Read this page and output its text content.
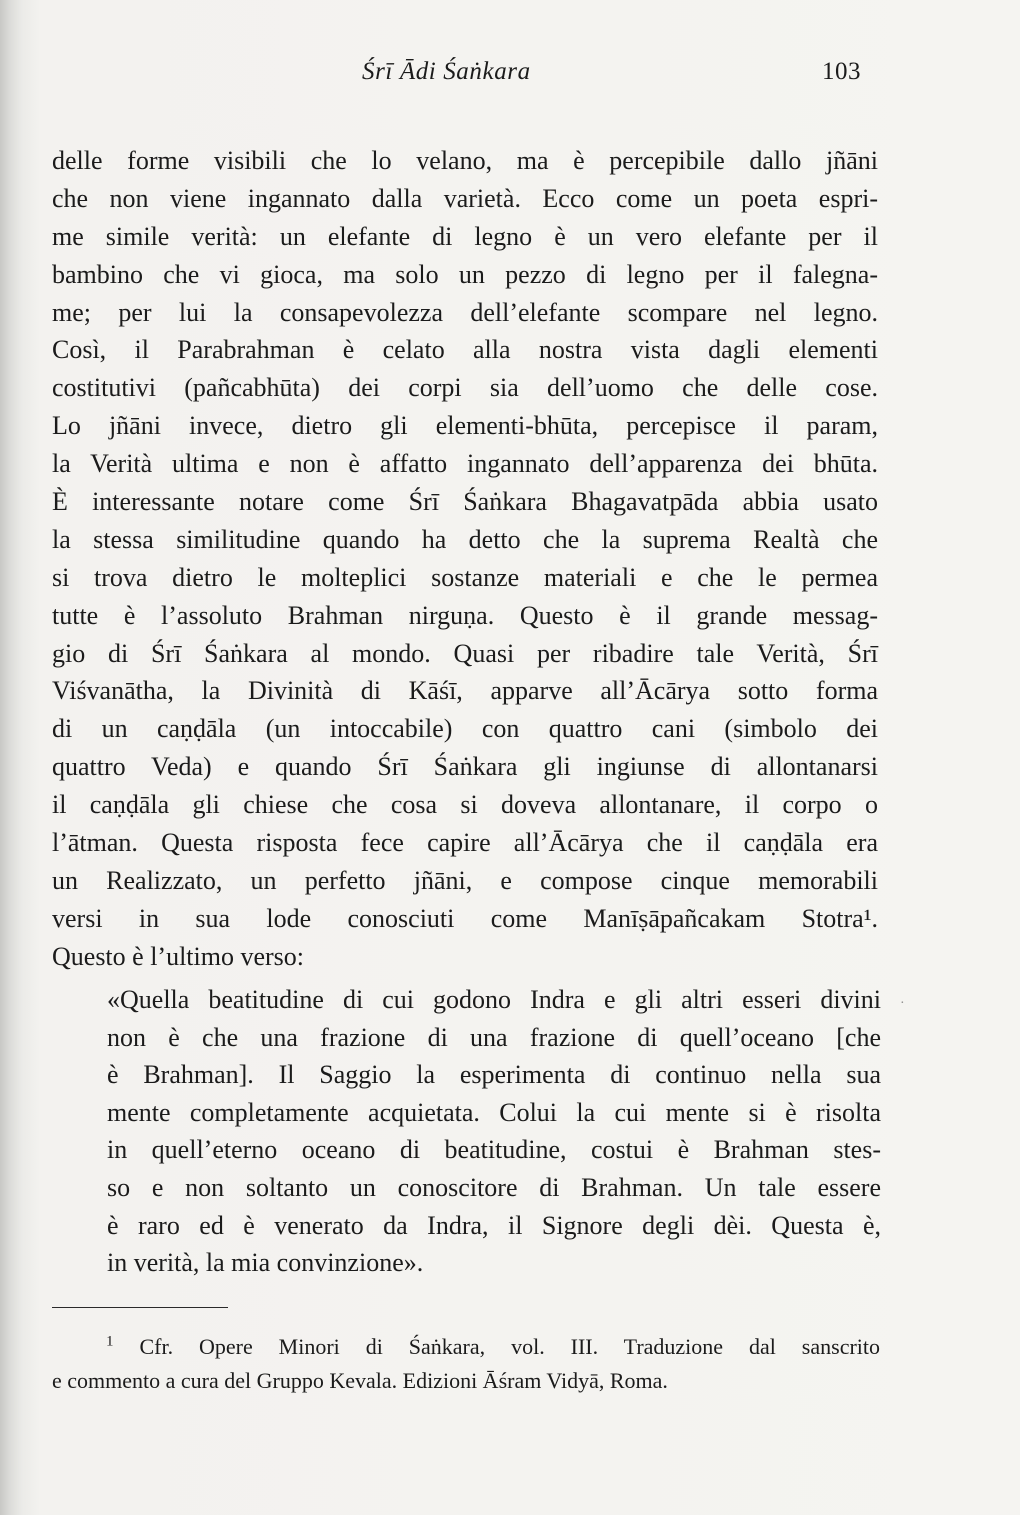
Śrī Ādi Śaṅkara	103
delle forme visibili che lo velano, ma è percepibile dallo jñāni
che non viene ingannato dalla varietà. Ecco come un poeta espri-
me simile verità: un elefante di legno è un vero elefante per il
bambino che vi gioca, ma solo un pezzo di legno per il falegna-
me; per lui la consapevolezza dell’elefante scompare nel legno.
Così, il Parabrahman è celato alla nostra vista dagli elementi
costitutivi (pañcabhūta) dei corpi sia dell’uomo che delle cose.
Lo jñāni invece, dietro gli elementi-bhūta, percepisce il param,
la Verità ultima e non è affatto ingannato dell’apparenza dei bhūta.
È interessante notare come Śrī Śaṅkara Bhagavatpāda abbia usato
la stessa similitudine quando ha detto che la suprema Realtà che
si trova dietro le molteplici sostanze materiali e che le permea
tutte è l’assoluto Brahman nirguṇa. Questo è il grande messag-
gio di Śrī Śaṅkara al mondo. Quasi per ribadire tale Verità, Śrī
Viśvanātha, la Divinità di Kāśī, apparve all’Ācārya sotto forma
di un caṇḍāla (un intoccabile) con quattro cani (simbolo dei
quattro Veda) e quando Śrī Śaṅkara gli ingiunse di allontanarsi
il caṇḍāla gli chiese che cosa si doveva allontanare, il corpo o
l’ātman. Questa risposta fece capire all’Ācārya che il caṇḍāla era
un Realizzato, un perfetto jñāni, e compose cinque memorabili
versi in sua lode conosciuti come Manīṣāpañcakam Stotra¹.
Questo è l’ultimo verso:
·
«Quella beatitudine di cui godono Indra e gli altri esseri divini
non è che una frazione di una frazione di quell’oceano [che
è Brahman]. Il Saggio la esperimenta di continuo nella sua
mente completamente acquietata. Colui la cui mente si è risolta
in quell’eterno oceano di beatitudine, costui è Brahman stes-
so e non soltanto un conoscitore di Brahman. Un tale essere
è raro ed è venerato da Indra, il Signore degli dèi. Questa è,
in verità, la mia convinzione».
$^1$ Cfr. Opere Minori di Śaṅkara, vol. III. Traduzione dal sanscrito
e commento a cura del Gruppo Kevala. Edizioni Āśram Vidyā, Roma.
